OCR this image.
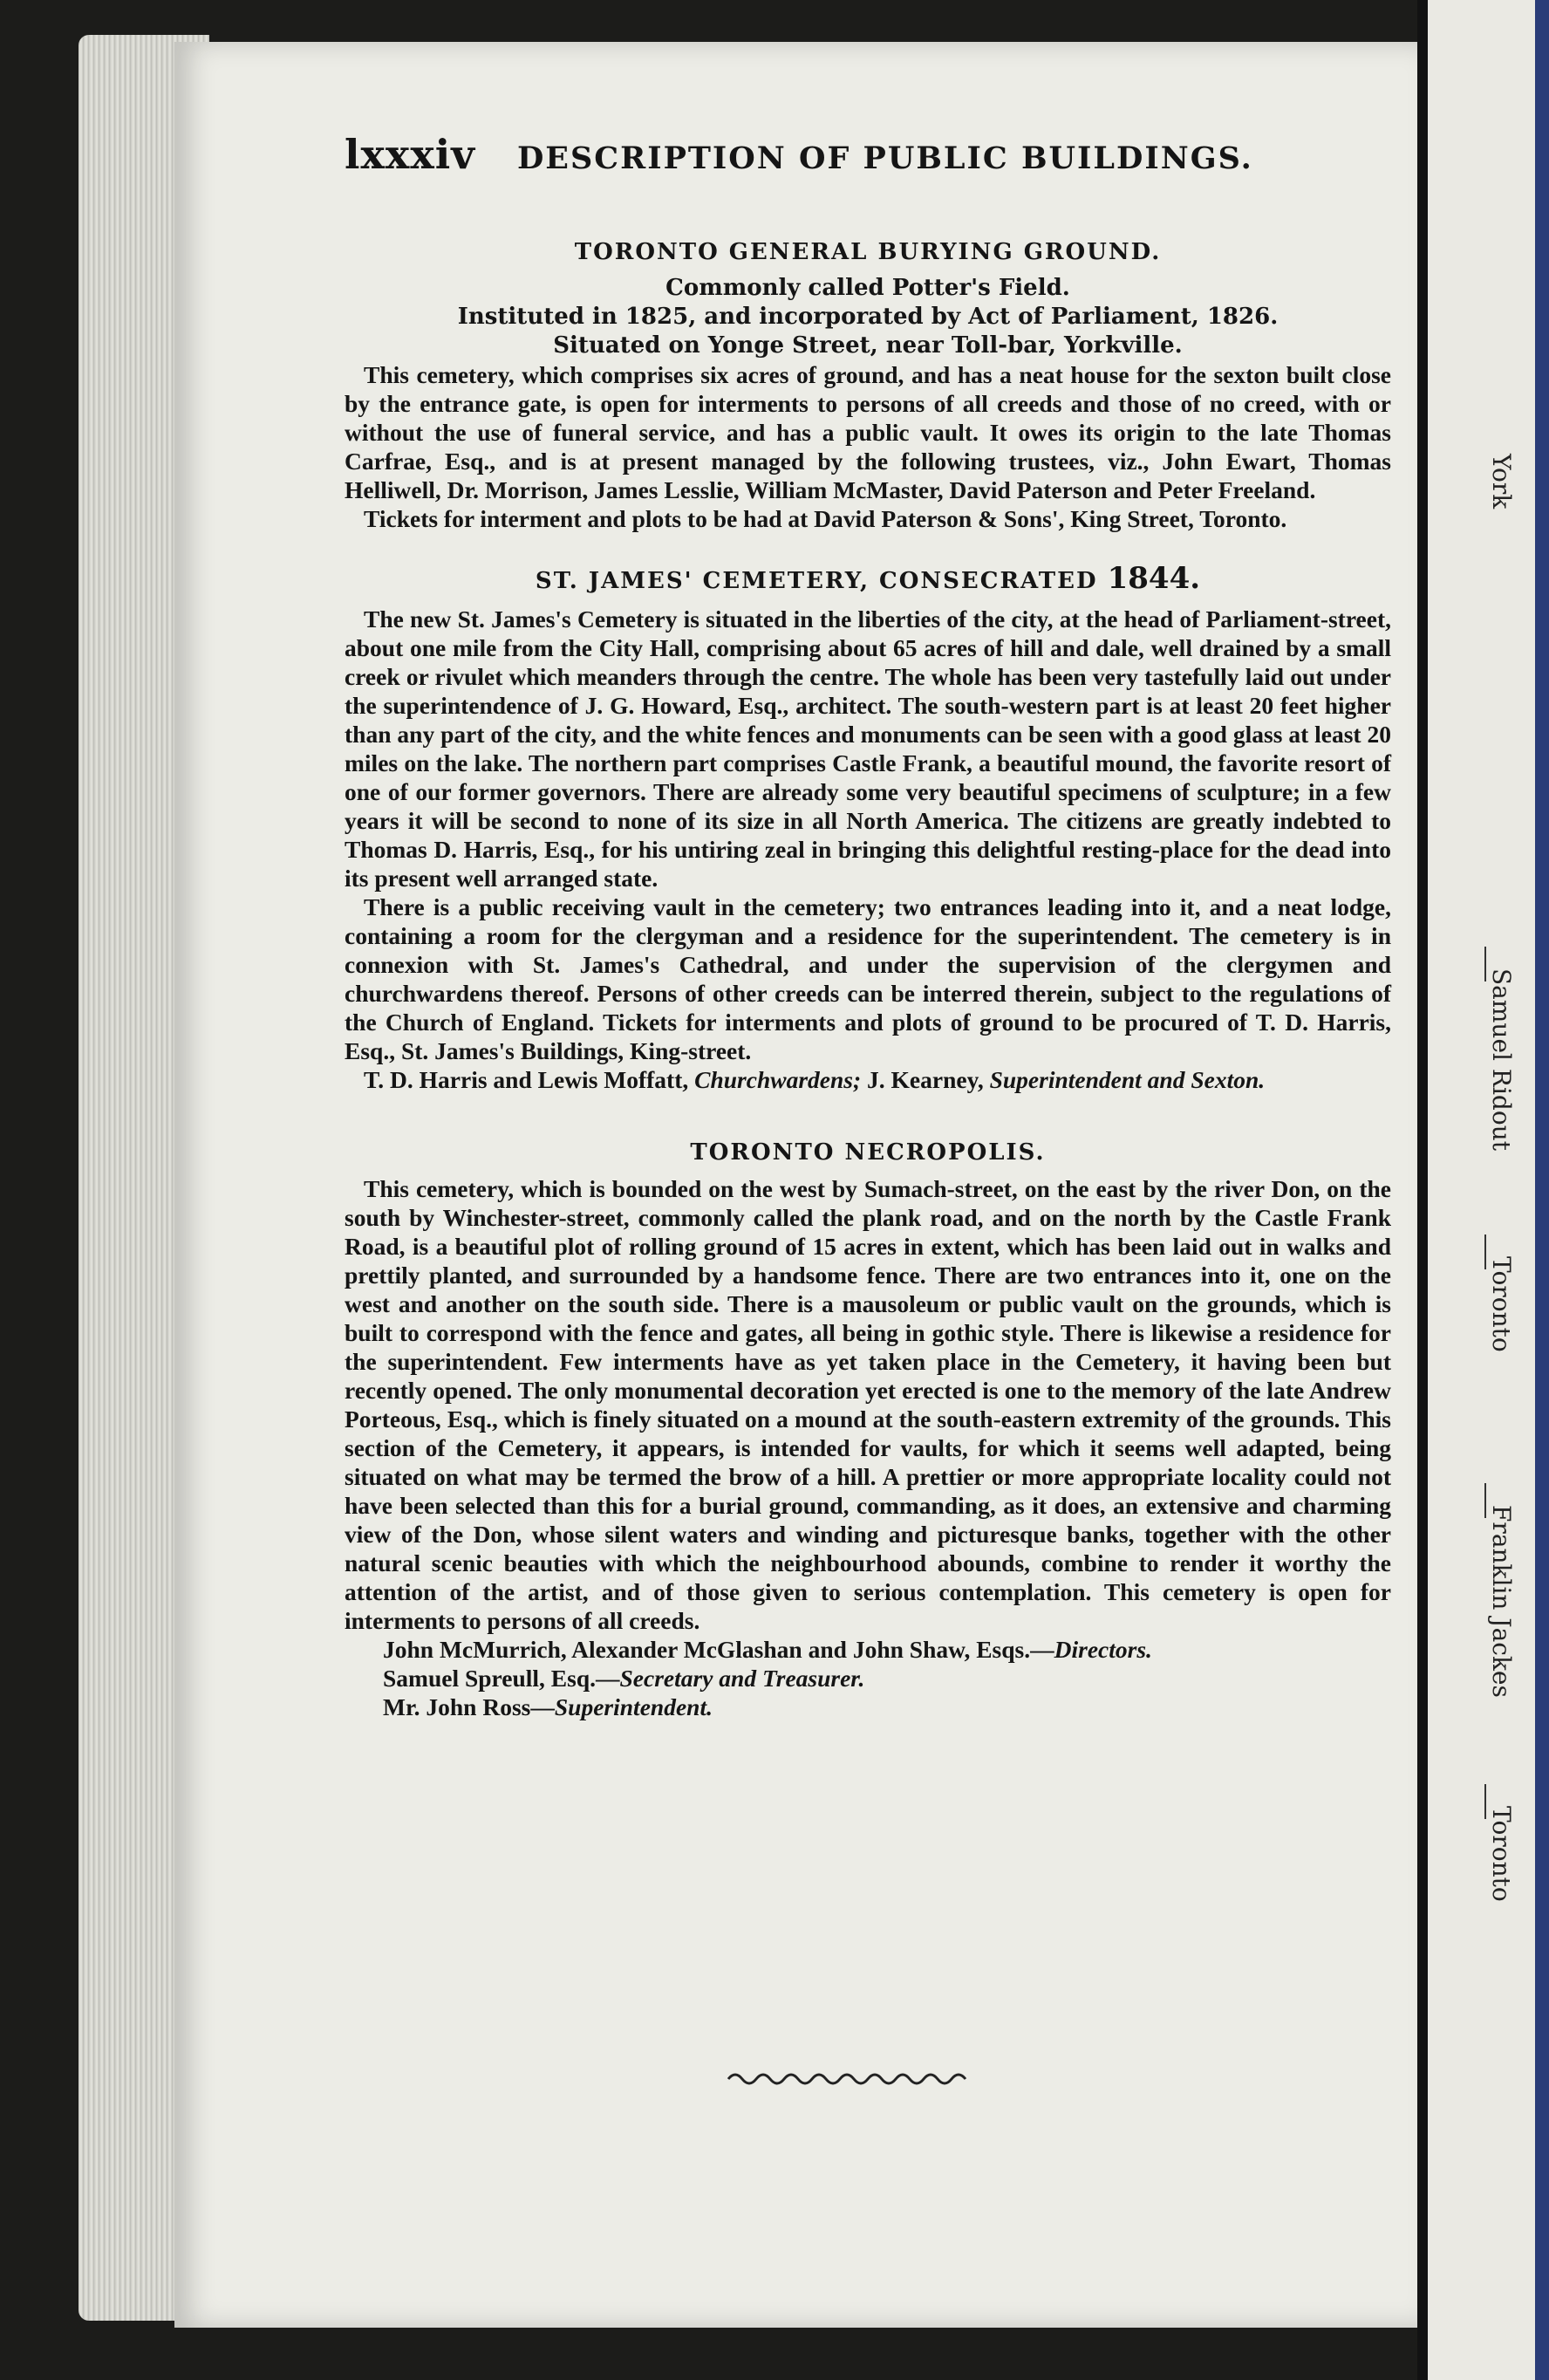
York
Samuel Ridout
Toronto
Franklin Jackes
Toronto
lxxxiv DESCRIPTION OF PUBLIC BUILDINGS.
TORONTO GENERAL BURYING GROUND.
Commonly called Potter's Field.
Instituted in 1825, and incorporated by Act of Parliament, 1826.
Situated on Yonge Street, near Toll-bar, Yorkville.

This cemetery, which comprises six acres of ground, and has a neat house for the sexton built close by the entrance gate, is open for interments to persons of all creeds and those of no creed, with or without the use of funeral service, and has a public vault. It owes its origin to the late Thomas Carfrae, Esq., and is at present managed by the following trustees, viz., John Ewart, Thomas Helliwell, Dr. Morrison, James Lesslie, William McMaster, David Paterson and Peter Freeland.

Tickets for interment and plots to be had at David Paterson & Sons', King Street, Toronto.

ST. JAMES' CEMETERY, CONSECRATED 1844.

The new St. James's Cemetery is situated in the liberties of the city, at the head of Parliament-street, about one mile from the City Hall, comprising about 65 acres of hill and dale, well drained by a small creek or rivulet which meanders through the centre. The whole has been very tastefully laid out under the superintendence of J. G. Howard, Esq., architect. The south-western part is at least 20 feet higher than any part of the city, and the white fences and monuments can be seen with a good glass at least 20 miles on the lake. The northern part comprises Castle Frank, a beautiful mound, the favorite resort of one of our former governors. There are already some very beautiful specimens of sculpture; in a few years it will be second to none of its size in all North America. The citizens are greatly indebted to Thomas D. Harris, Esq., for his untiring zeal in bringing this delightful resting-place for the dead into its present well arranged state.

There is a public receiving vault in the cemetery; two entrances leading into it, and a neat lodge, containing a room for the clergyman and a residence for the superintendent. The cemetery is in connexion with St. James's Cathedral, and under the supervision of the clergymen and churchwardens thereof. Persons of other creeds can be interred therein, subject to the regulations of the Church of England. Tickets for interments and plots of ground to be procured of T. D. Harris, Esq., St. James's Buildings, King-street.

T. D. Harris and Lewis Moffatt, Churchwardens; J. Kearney, Superintendent and Sexton.

TORONTO NECROPOLIS.

This cemetery, which is bounded on the west by Sumach-street, on the east by the river Don, on the south by Winchester-street, commonly called the plank road, and on the north by the Castle Frank Road, is a beautiful plot of rolling ground of 15 acres in extent, which has been laid out in walks and prettily planted, and surrounded by a handsome fence. There are two entrances into it, one on the west and another on the south side. There is a mausoleum or public vault on the grounds, which is built to correspond with the fence and gates, all being in gothic style. There is likewise a residence for the superintendent. Few interments have as yet taken place in the Cemetery, it having been but recently opened. The only monumental decoration yet erected is one to the memory of the late Andrew Porteous, Esq., which is finely situated on a mound at the south-eastern extremity of the grounds. This section of the Cemetery, it appears, is intended for vaults, for which it seems well adapted, being situated on what may be termed the brow of a hill. A prettier or more appropriate locality could not have been selected than this for a burial ground, commanding, as it does, an extensive and charming view of the Don, whose silent waters and winding and picturesque banks, together with the other natural scenic beauties with which the neighbourhood abounds, combine to render it worthy the attention of the artist, and of those given to serious contemplation. This cemetery is open for interments to persons of all creeds.

John McMurrich, Alexander McGlashan and John Shaw, Esqs.—Directors.
Samuel Spreull, Esq.—Secretary and Treasurer.
Mr. John Ross—Superintendent.
